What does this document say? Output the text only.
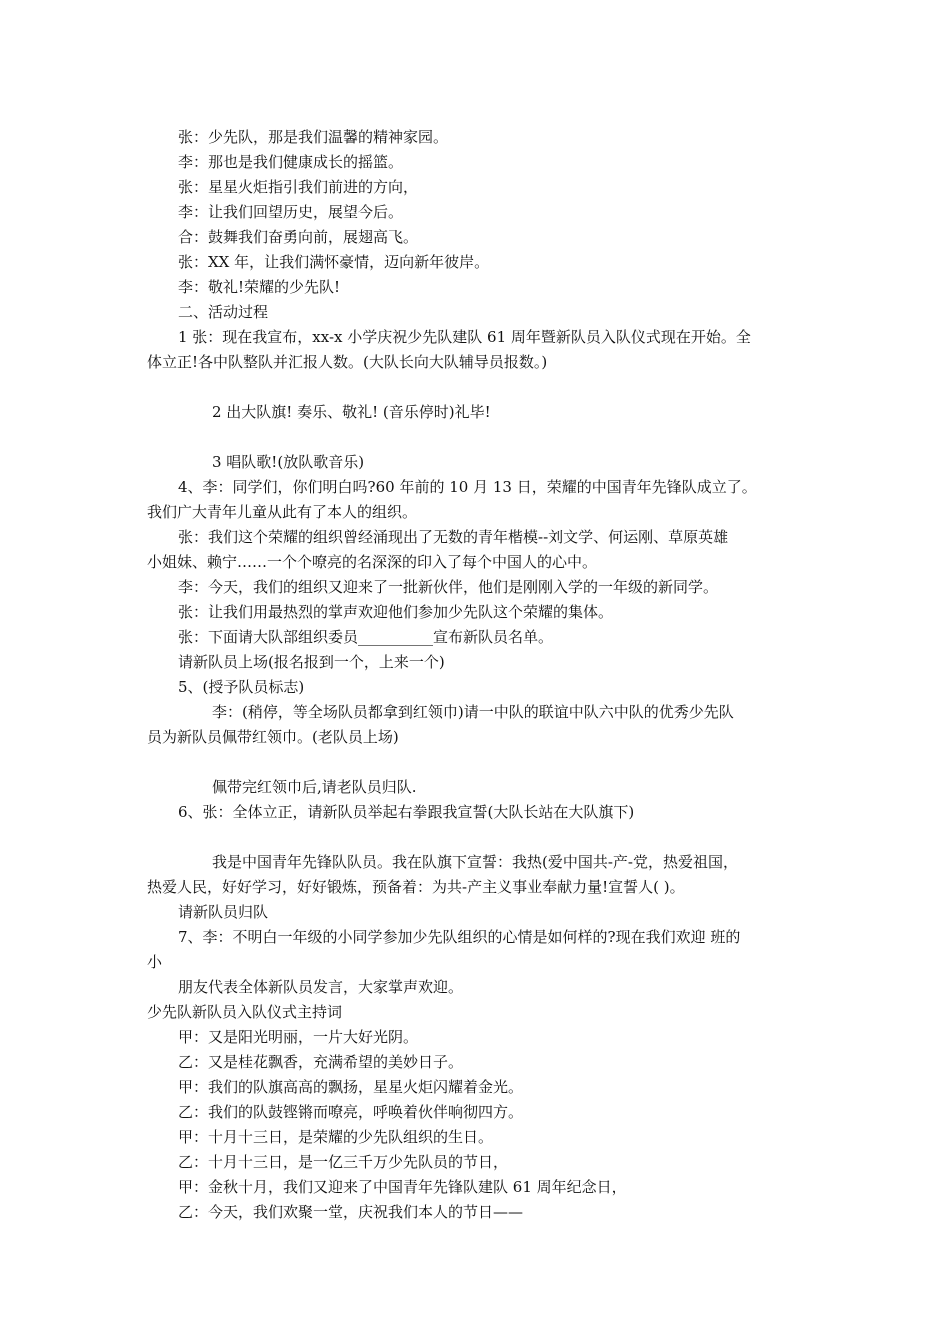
张：少先队，那是我们温馨的精神家园。
李：那也是我们健康成长的摇篮。
张：星星火炬指引我们前进的方向，
李：让我们回望历史，展望今后。
合：鼓舞我们奋勇向前，展翅高飞。
张：XX 年，让我们满怀豪情，迈向新年彼岸。
李：敬礼!荣耀的少先队!
二、活动过程
1 张：现在我宣布，xx-x 小学庆祝少先队建队 61 周年暨新队员入队仪式现在开始。全
体立正!各中队整队并汇报人数。(大队长向大队辅导员报数。)
2 出大队旗! 奏乐、敬礼! (音乐停时)礼毕!
3 唱队歌!(放队歌音乐)
4、李：同学们，你们明白吗?60 年前的 10 月 13 日，荣耀的中国青年先锋队成立了。
我们广大青年儿童从此有了本人的组织。
张：我们这个荣耀的组织曾经涌现出了无数的青年楷模--刘文学、何运刚、草原英雄
小姐妹、赖宁……一个个嘹亮的名深深的印入了每个中国人的心中。
李：今天，我们的组织又迎来了一批新伙伴，他们是刚刚入学的一年级的新同学。
张：让我们用最热烈的掌声欢迎他们参加少先队这个荣耀的集体。
张：下面请大队部组织委员__________宣布新队员名单。
请新队员上场(报名报到一个，上来一个)
5、(授予队员标志)
李：(稍停，等全场队员都拿到红领巾)请一中队的联谊中队六中队的优秀少先队
员为新队员佩带红领巾。(老队员上场)
佩带完红领巾后,请老队员归队.
6、张：全体立正，请新队员举起右拳跟我宣誓(大队长站在大队旗下)
我是中国青年先锋队队员。我在队旗下宣誓：我热(爱中国共-产-党，热爱祖国，
热爱人民，好好学习，好好锻炼，预备着：为共-产主义事业奉献力量!宣誓人( )。
请新队员归队
7、李：不明白一年级的小同学参加少先队组织的心情是如何样的?现在我们欢迎 班的
小
朋友代表全体新队员发言，大家掌声欢迎。
少先队新队员入队仪式主持词
甲：又是阳光明丽，一片大好光阴。
乙：又是桂花飘香，充满希望的美妙日子。
甲：我们的队旗高高的飘扬，星星火炬闪耀着金光。
乙：我们的队鼓铿锵而嘹亮，呼唤着伙伴响彻四方。
甲：十月十三日，是荣耀的少先队组织的生日。
乙：十月十三日，是一亿三千万少先队员的节日，
甲：金秋十月，我们又迎来了中国青年先锋队建队 61 周年纪念日，
乙：今天，我们欢聚一堂，庆祝我们本人的节日——
